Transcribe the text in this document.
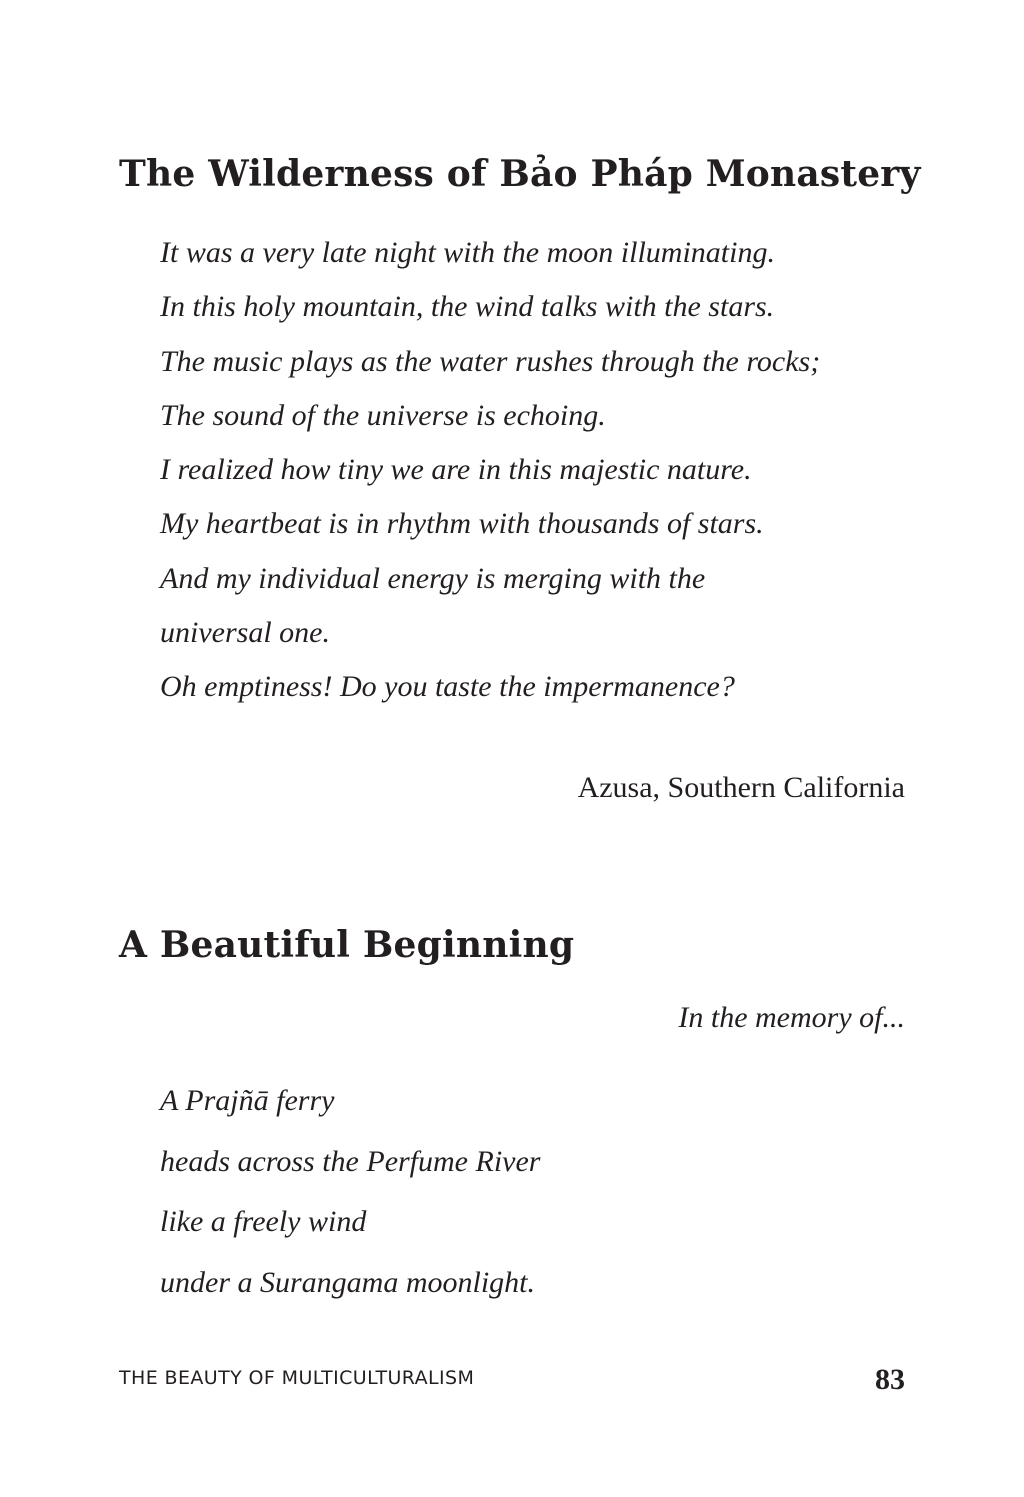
The Wilderness of Bảo Pháp Monastery
It was a very late night with the moon illuminating.
In this holy mountain, the wind talks with the stars.
The music plays as the water rushes through the rocks;
The sound of the universe is echoing.
I realized how tiny we are in this majestic nature.
My heartbeat is in rhythm with thousands of stars.
And my individual energy is merging with the
universal one.
Oh emptiness! Do you taste the impermanence?

Azusa, Southern California

A Beautiful Beginning

In the memory of...

A Prajñā ferry
heads across the Perfume River
like a freely wind
under a Surangama moonlight.

THE BEAUTY OF MULTICULTURALISM	83
